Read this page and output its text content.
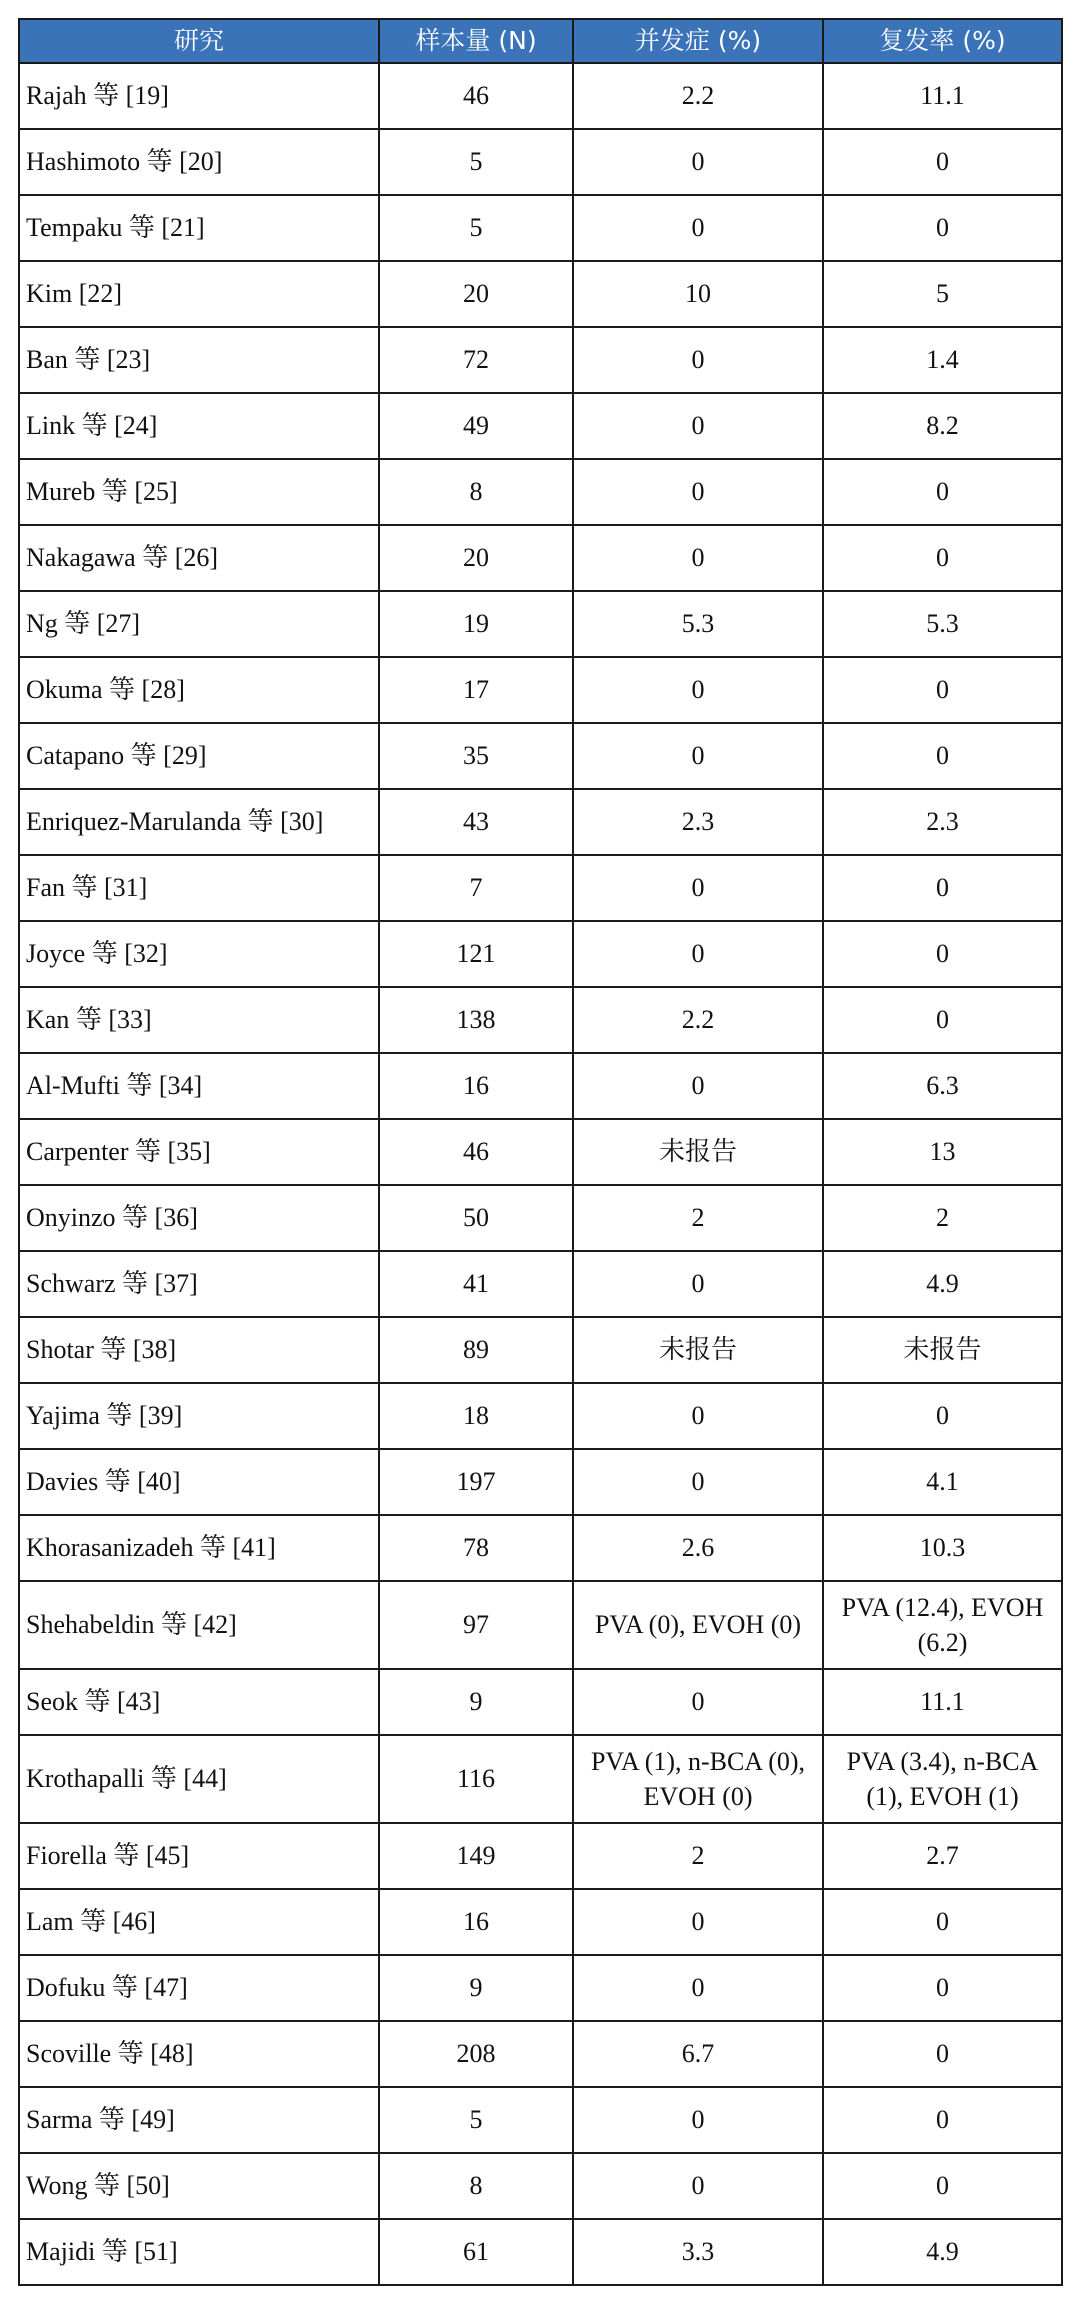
研究	样本量 (N)	并发症 (%)	复发率 (%)
Rajah 等 [19]	46	2.2	11.1
Hashimoto 等 [20]	5	0	0
Tempaku 等 [21]	5	0	0
Kim [22]	20	10	5
Ban 等 [23]	72	0	1.4
Link 等 [24]	49	0	8.2
Mureb 等 [25]	8	0	0
Nakagawa 等 [26]	20	0	0
Ng 等 [27]	19	5.3	5.3
Okuma 等 [28]	17	0	0
Catapano 等 [29]	35	0	0
Enriquez-Marulanda 等 [30]	43	2.3	2.3
Fan 等 [31]	7	0	0
Joyce 等 [32]	121	0	0
Kan 等 [33]	138	2.2	0
Al-Mufti 等 [34]	16	0	6.3
Carpenter 等 [35]	46	未报告	13
Onyinzo 等 [36]	50	2	2
Schwarz 等 [37]	41	0	4.9
Shotar 等 [38]	89	未报告	未报告
Yajima 等 [39]	18	0	0
Davies 等 [40]	197	0	4.1
Khorasanizadeh 等 [41]	78	2.6	10.3
Shehabeldin 等 [42]	97	PVA (0), EVOH (0)	PVA (12.4), EVOH (6.2)
Seok 等 [43]	9	0	11.1
Krothapalli 等 [44]	116	PVA (1), n-BCA (0), EVOH (0)	PVA (3.4), n-BCA (1), EVOH (1)
Fiorella 等 [45]	149	2	2.7
Lam 等 [46]	16	0	0
Dofuku 等 [47]	9	0	0
Scoville 等 [48]	208	6.7	0
Sarma 等 [49]	5	0	0
Wong 等 [50]	8	0	0
Majidi 等 [51]	61	3.3	4.9
